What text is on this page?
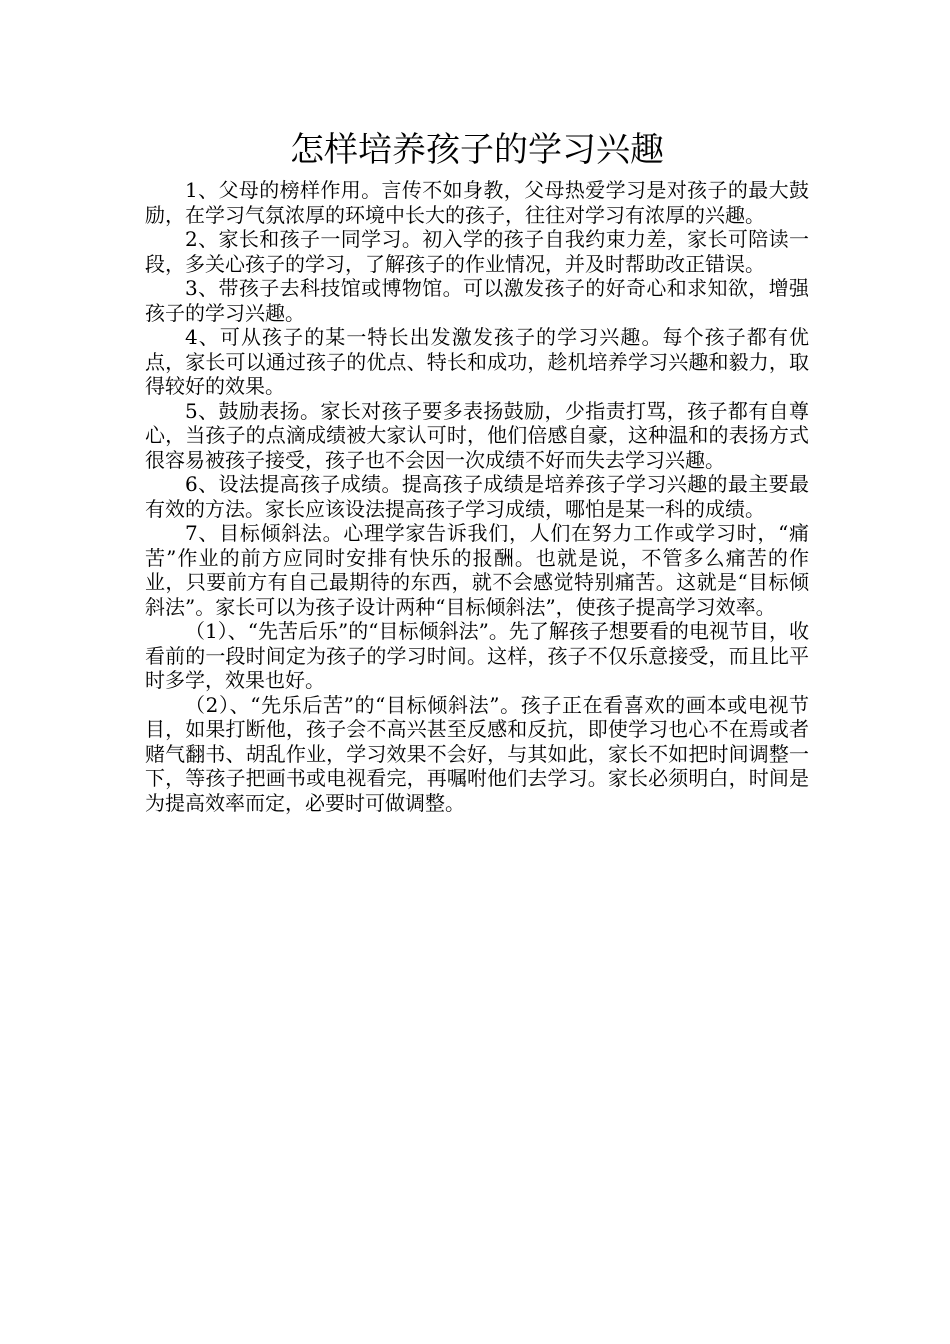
怎样培养孩子的学习兴趣

1、父母的榜样作用。言传不如身教，父母热爱学习是对孩子的最大鼓励，在学习气氛浓厚的环境中长大的孩子，往往对学习有浓厚的兴趣。

2、家长和孩子一同学习。初入学的孩子自我约束力差，家长可陪读一段，多关心孩子的学习，了解孩子的作业情况，并及时帮助改正错误。

3、带孩子去科技馆或博物馆。可以激发孩子的好奇心和求知欲，增强孩子的学习兴趣。

4、可从孩子的某一特长出发激发孩子的学习兴趣。每个孩子都有优点，家长可以通过孩子的优点、特长和成功，趁机培养学习兴趣和毅力，取得较好的效果。

5、鼓励表扬。家长对孩子要多表扬鼓励，少指责打骂，孩子都有自尊心，当孩子的点滴成绩被大家认可时，他们倍感自豪，这种温和的表扬方式很容易被孩子接受，孩子也不会因一次成绩不好而失去学习兴趣。

6、设法提高孩子成绩。提高孩子成绩是培养孩子学习兴趣的最主要最有效的方法。家长应该设法提高孩子学习成绩，哪怕是某一科的成绩。

7、目标倾斜法。心理学家告诉我们，人们在努力工作或学习时，“痛苦”作业的前方应同时安排有快乐的报酬。也就是说，不管多么痛苦的作业，只要前方有自己最期待的东西，就不会感觉特别痛苦。这就是“目标倾斜法”。家长可以为孩子设计两种“目标倾斜法”，使孩子提高学习效率。

（1）、“先苦后乐”的“目标倾斜法”。先了解孩子想要看的电视节目，收看前的一段时间定为孩子的学习时间。这样，孩子不仅乐意接受，而且比平时多学，效果也好。

（2）、“先乐后苦”的“目标倾斜法”。孩子正在看喜欢的画本或电视节目，如果打断他，孩子会不高兴甚至反感和反抗，即使学习也心不在焉或者赌气翻书、胡乱作业，学习效果不会好，与其如此，家长不如把时间调整一下，等孩子把画书或电视看完，再嘱咐他们去学习。家长必须明白，时间是为提高效率而定，必要时可做调整。
